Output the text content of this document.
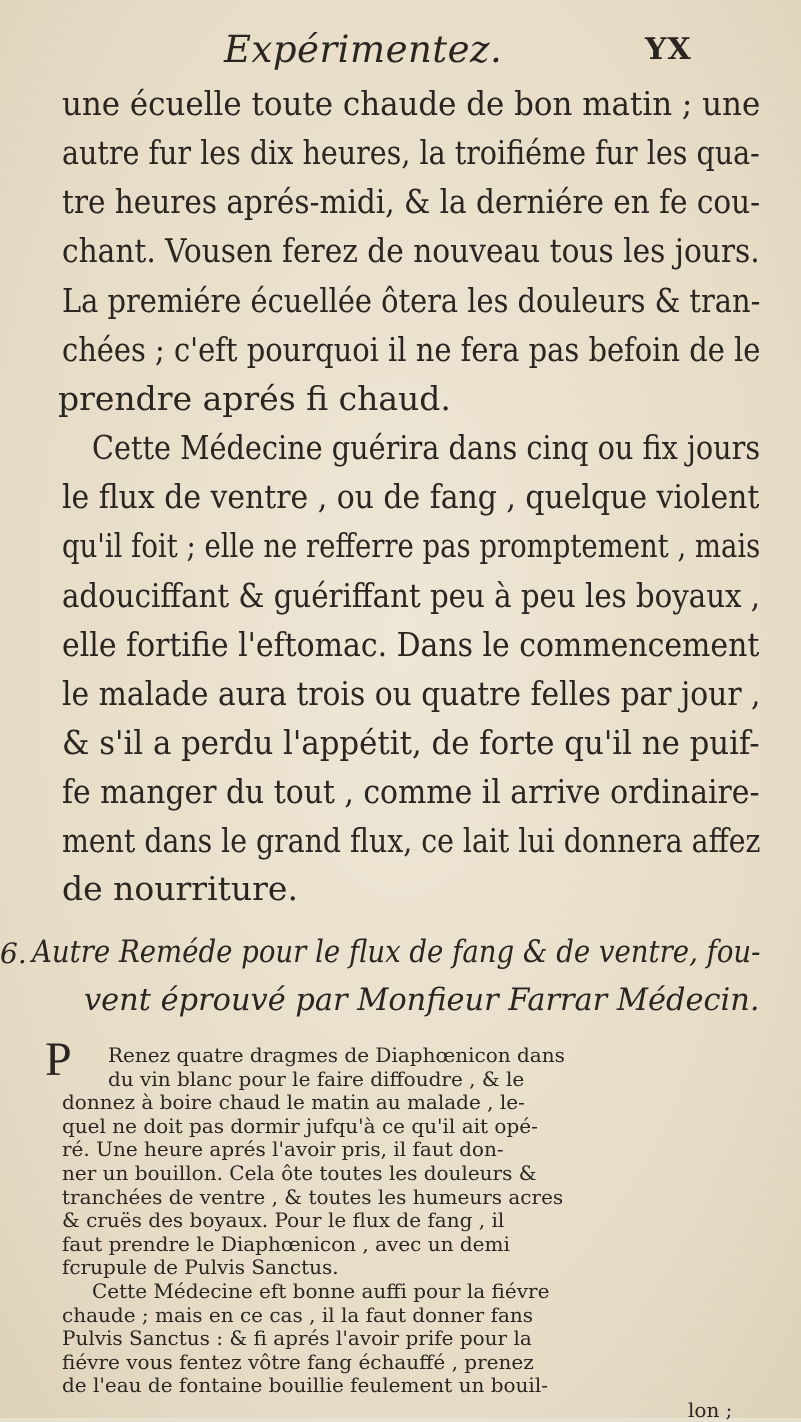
Expérimentez.	YX
une écuelle toute chaude de bon matin ; une
autre fur les dix heures, la troifiéme fur les qua-
tre heures aprés-midi, & la derniére en fe cou-
chant. Vousen ferez de nouveau tous les jours.
La premiére écuellée ôtera les douleurs & tran-
chées ; c'eft pourquoi il ne fera pas befoin de le
prendre aprés fi chaud.
Cette Médecine guérira dans cinq ou fix jours
le flux de ventre , ou de fang , quelque violent
qu'il foit ; elle ne refferre pas promptement , mais
adouciffant & guériffant peu à peu les boyaux ,
elle fortifie l'eftomac. Dans le commencement
le malade aura trois ou quatre felles par jour ,
& s'il a perdu l'appétit, de forte qu'il ne puif-
fe manger du tout , comme il arrive ordinaire-
ment dans le grand flux, ce lait lui donnera affez
de nourriture.
6. Autre Reméde pour le flux de fang & de ventre, fou-
vent éprouvé par Monfieur Farrar Médecin.
P Renez quatre dragmes de Diaphœnicon dans
du vin blanc pour le faire diffoudre , & le
donnez à boire chaud le matin au malade , le-
quel ne doit pas dormir jufqu'à ce qu'il ait opé-
ré. Une heure aprés l'avoir pris, il faut don-
ner un bouillon. Cela ôte toutes les douleurs &
tranchées de ventre , & toutes les humeurs acres
& cruës des boyaux. Pour le flux de fang , il
faut prendre le Diaphœnicon , avec un demi
fcrupule de Pulvis Sanctus.
Cette Médecine eft bonne auffi pour la fiévre
chaude ; mais en ce cas , il la faut donner fans
Pulvis Sanctus : & fi aprés l'avoir prife pour la
fiévre vous fentez vôtre fang échauffé , prenez
de l'eau de fontaine bouillie feulement un bouil-
lon ;
